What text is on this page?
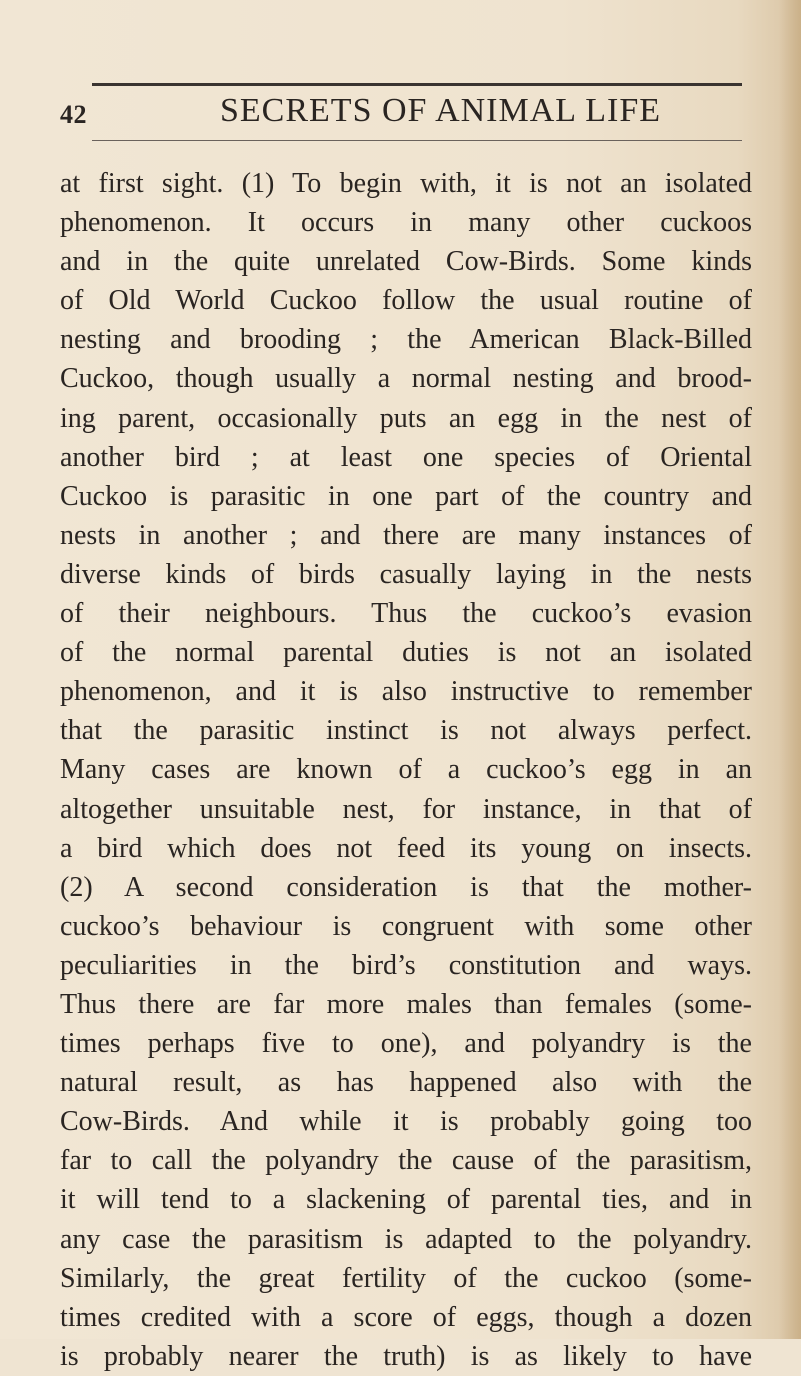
42	SECRETS OF ANIMAL LIFE
at first sight. (1) To begin with, it is not an isolated
phenomenon. It occurs in many other cuckoos
and in the quite unrelated Cow-Birds. Some kinds
of Old World Cuckoo follow the usual routine of
nesting and brooding ; the American Black-Billed
Cuckoo, though usually a normal nesting and brood-
ing parent, occasionally puts an egg in the nest of
another bird ; at least one species of Oriental
Cuckoo is parasitic in one part of the country and
nests in another ; and there are many instances of
diverse kinds of birds casually laying in the nests
of their neighbours. Thus the cuckoo’s evasion
of the normal parental duties is not an isolated
phenomenon, and it is also instructive to remember
that the parasitic instinct is not always perfect.
Many cases are known of a cuckoo’s egg in an
altogether unsuitable nest, for instance, in that of
a bird which does not feed its young on insects.
(2) A second consideration is that the mother-
cuckoo’s behaviour is congruent with some other
peculiarities in the bird’s constitution and ways.
Thus there are far more males than females (some-
times perhaps five to one), and polyandry is the
natural result, as has happened also with the
Cow-Birds. And while it is probably going too
far to call the polyandry the cause of the parasitism,
it will tend to a slackening of parental ties, and in
any case the parasitism is adapted to the polyandry.
Similarly, the great fertility of the cuckoo (some-
times credited with a score of eggs, though a dozen
is probably nearer the truth) is as likely to have
